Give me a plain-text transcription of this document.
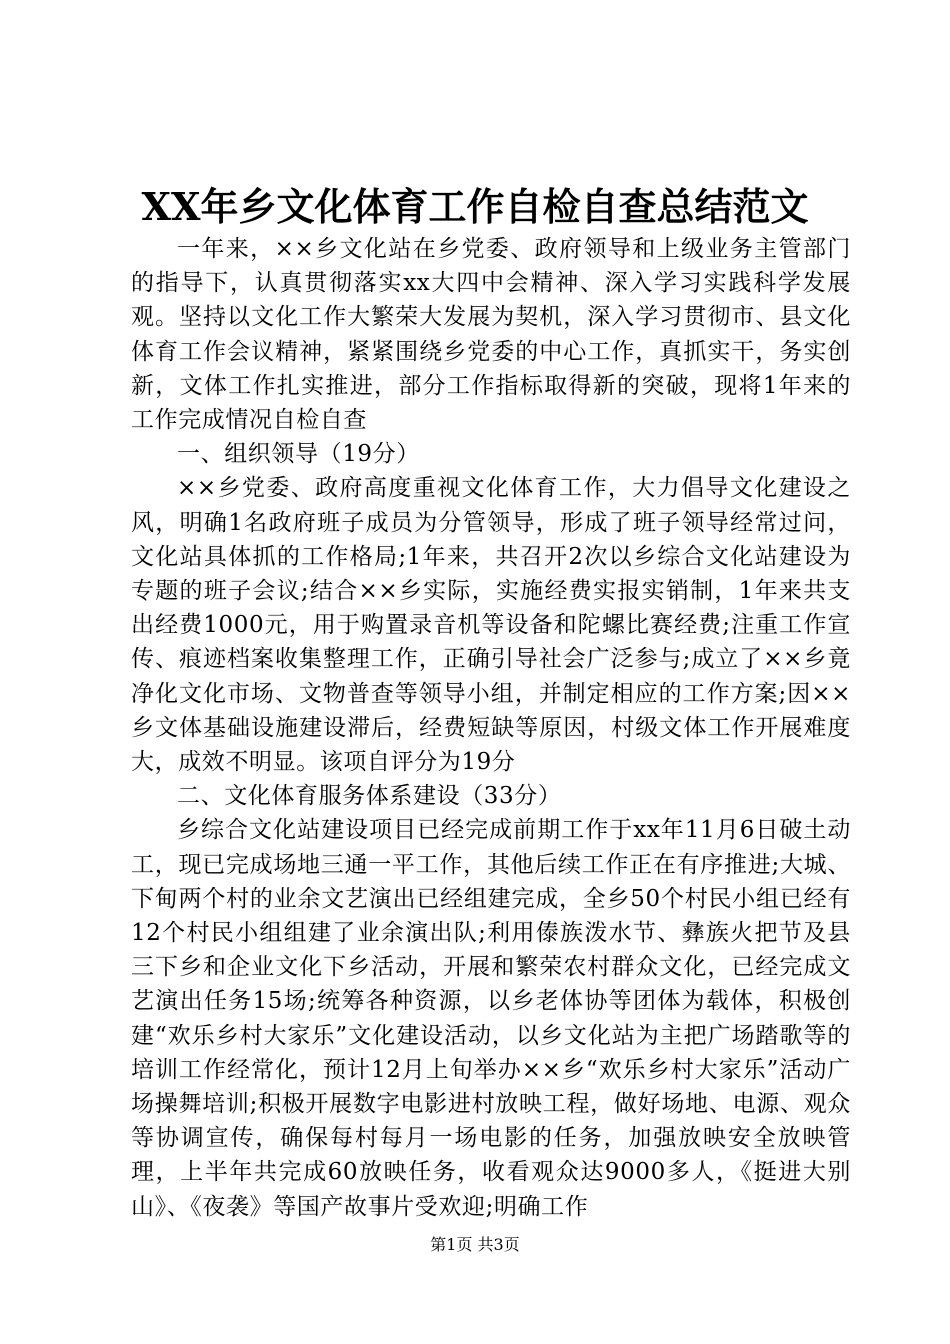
XX年乡文化体育工作自检自查总结范文

一年来，××乡文化站在乡党委、政府领导和上级业务主管部门的指导下，认真贯彻落实xx大四中会精神、深入学习实践科学发展观。坚持以文化工作大繁荣大发展为契机，深入学习贯彻市、县文化体育工作会议精神，紧紧围绕乡党委的中心工作，真抓实干，务实创新，文体工作扎实推进，部分工作指标取得新的突破，现将1年来的工作完成情况自检自查

一、组织领导（19分）

××乡党委、政府高度重视文化体育工作，大力倡导文化建设之风，明确1名政府班子成员为分管领导，形成了班子领导经常过问，文化站具体抓的工作格局;1年来，共召开2次以乡综合文化站建设为专题的班子会议;结合××乡实际，实施经费实报实销制，1年来共支出经费1000元，用于购置录音机等设备和陀螺比赛经费;注重工作宣传、痕迹档案收集整理工作，正确引导社会广泛参与;成立了××乡竟净化文化市场、文物普查等领导小组，并制定相应的工作方案;因××乡文体基础设施建设滞后，经费短缺等原因，村级文体工作开展难度大，成效不明显。该项自评分为19分

二、文化体育服务体系建设（33分）

乡综合文化站建设项目已经完成前期工作于xx年11月6日破土动工，现已完成场地三通一平工作，其他后续工作正在有序推进;大城、下甸两个村的业余文艺演出已经组建完成，全乡50个村民小组已经有12个村民小组组建了业余演出队;利用傣族泼水节、彝族火把节及县三下乡和企业文化下乡活动，开展和繁荣农村群众文化，已经完成文艺演出任务15场;统筹各种资源，以乡老体协等团体为载体，积极创建“欢乐乡村大家乐”文化建设活动，以乡文化站为主把广场踏歌等的培训工作经常化，预计12月上旬举办××乡“欢乐乡村大家乐”活动广场操舞培训;积极开展数字电影进村放映工程，做好场地、电源、观众等协调宣传，确保每村每月一场电影的任务，加强放映安全放映管理，上半年共完成60放映任务，收看观众达9000多人，《挺进大别山》、《夜袭》等国产故事片受欢迎;明确工作

第1页 共3页
